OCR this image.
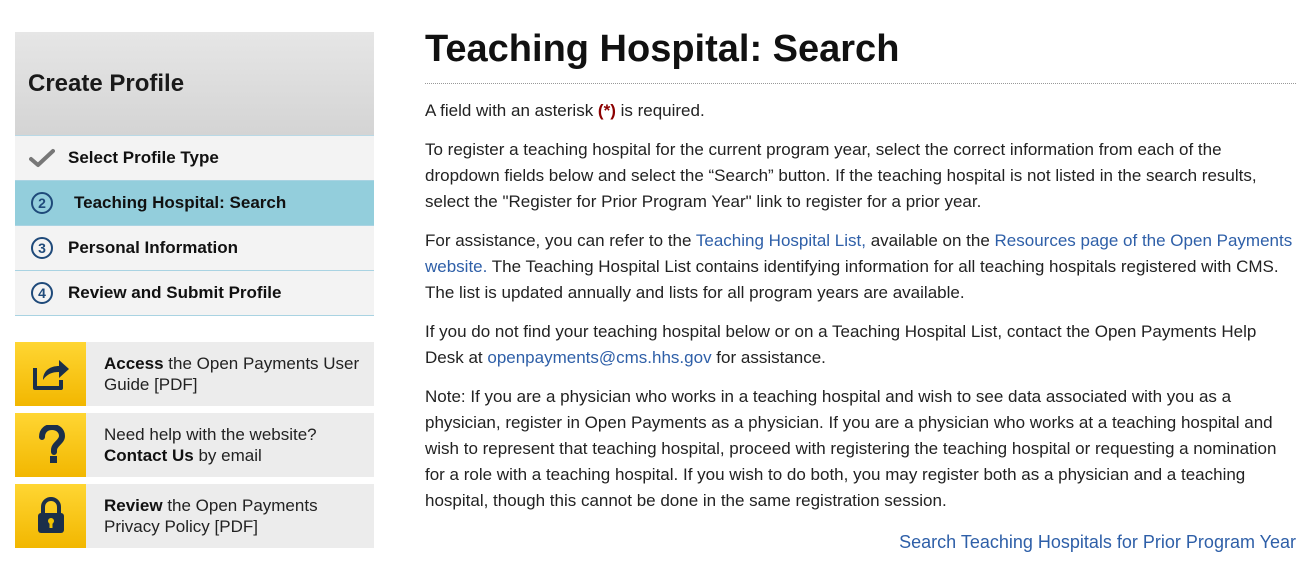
Create Profile
Select Profile Type
2	Teaching Hospital: Search
3	Personal Information
4	Review and Submit Profile
Access the Open Payments User Guide [PDF]
Need help with the website? Contact Us by email
Review the Open Payments Privacy Policy [PDF]
Teaching Hospital: Search

A field with an asterisk (*) is required.

To register a teaching hospital for the current program year, select the correct information from each of the dropdown fields below and select the “Search” button. If the teaching hospital is not listed in the search results, select the "Register for Prior Program Year" link to register for a prior year.

For assistance, you can refer to the Teaching Hospital List, available on the Resources page of the Open Payments website. The Teaching Hospital List contains identifying information for all teaching hospitals registered with CMS. The list is updated annually and lists for all program years are available.

If you do not find your teaching hospital below or on a Teaching Hospital List, contact the Open Payments Help Desk at openpayments@cms.hhs.gov for assistance.

Note: If you are a physician who works in a teaching hospital and wish to see data associated with you as a physician, register in Open Payments as a physician. If you are a physician who works at a teaching hospital and wish to represent that teaching hospital, proceed with registering the teaching hospital or requesting a nomination for a role with a teaching hospital. If you wish to do both, you may register both as a physician and a teaching hospital, though this cannot be done in the same registration session.

Search Teaching Hospitals for Prior Program Year
